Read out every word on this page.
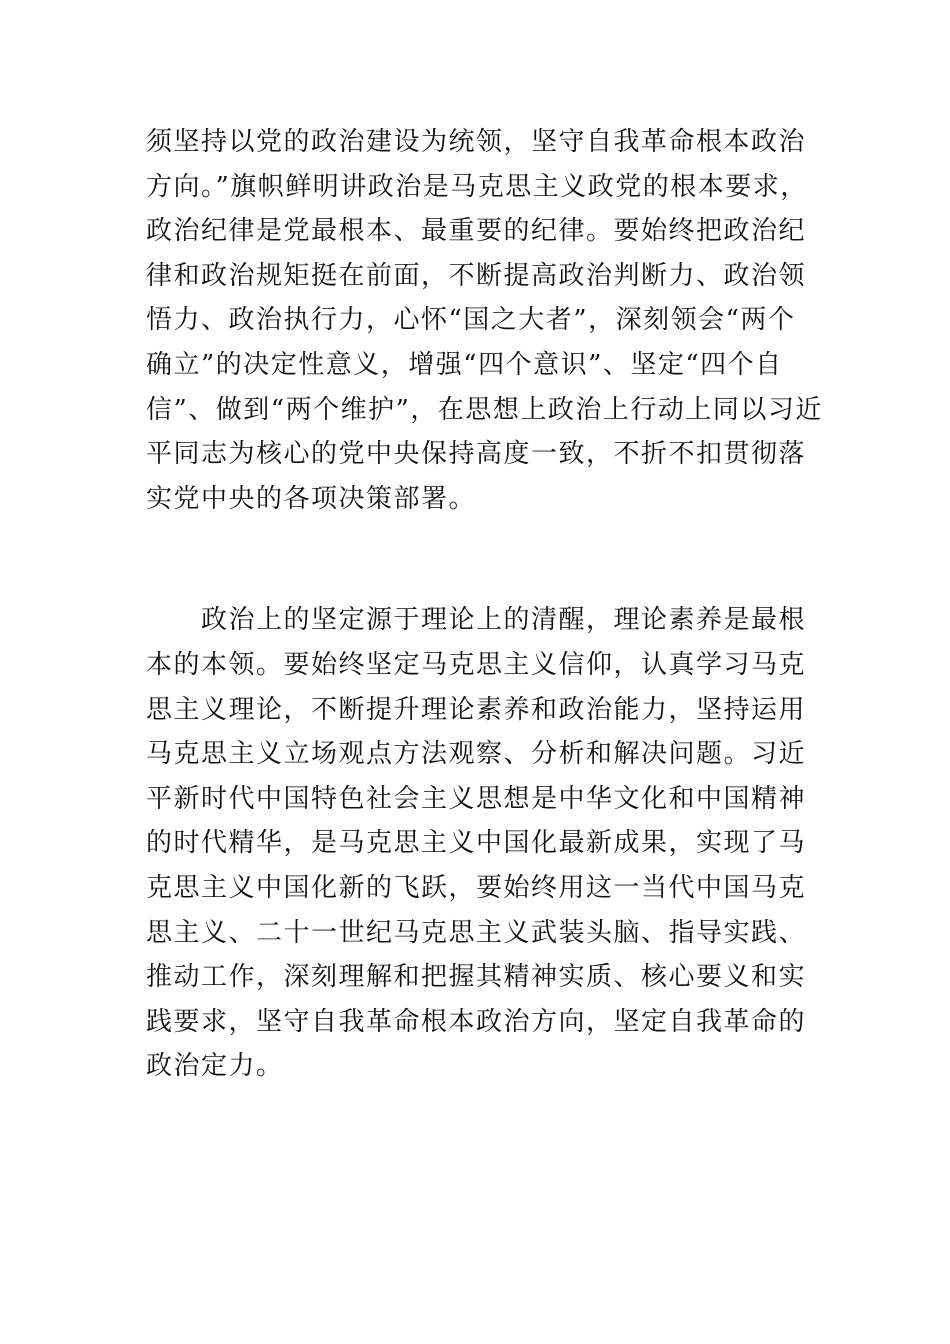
须坚持以党的政治建设为统领，坚守自我革命根本政治
方向。”旗帜鲜明讲政治是马克思主义政党的根本要求，
政治纪律是党最根本、最重要的纪律。要始终把政治纪
律和政治规矩挺在前面，不断提高政治判断力、政治领
悟力、政治执行力，心怀“国之大者”，深刻领会“两个
确立”的决定性意义，增强“四个意识”、坚定“四个自
信”、做到“两个维护”，在思想上政治上行动上同以习近
平同志为核心的党中央保持高度一致，不折不扣贯彻落
实党中央的各项决策部署。
　　政治上的坚定源于理论上的清醒，理论素养是最根
本的本领。要始终坚定马克思主义信仰，认真学习马克
思主义理论，不断提升理论素养和政治能力，坚持运用
马克思主义立场观点方法观察、分析和解决问题。习近
平新时代中国特色社会主义思想是中华文化和中国精神
的时代精华，是马克思主义中国化最新成果，实现了马
克思主义中国化新的飞跃，要始终用这一当代中国马克
思主义、二十一世纪马克思主义武装头脑、指导实践、
推动工作，深刻理解和把握其精神实质、核心要义和实
践要求，坚守自我革命根本政治方向，坚定自我革命的
政治定力。
